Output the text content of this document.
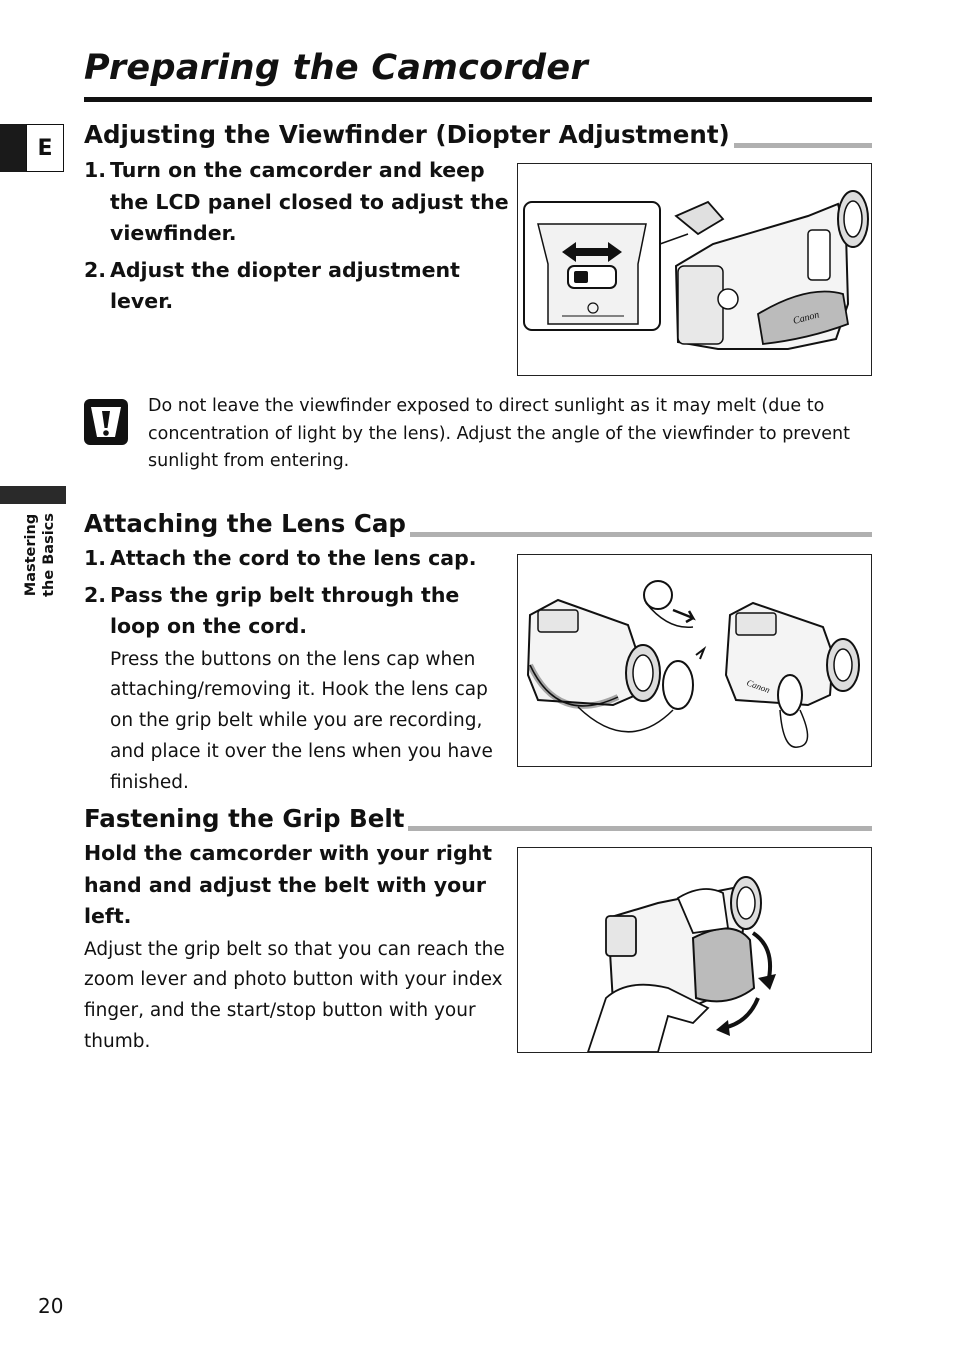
Preparing the Camcorder
E
Mastering the Basics
Adjusting the Viewfinder (Diopter Adjustment)
1. Turn on the camcorder and keep the LCD panel closed to adjust the viewfinder.
2. Adjust the diopter adjustment lever.
Canon

Do not leave the viewfinder exposed to direct sunlight as it may melt (due to concentration of light by the lens). Adjust the angle of the viewfinder to prevent sunlight from entering.

Attaching the Lens Cap
1. Attach the cord to the lens cap.
2. Pass the grip belt through the loop on the cord.

Press the buttons on the lens cap when attaching/removing it. Hook the lens cap on the grip belt while you are recording, and place it over the lens when you have finished.

Canon
Fastening the Grip Belt

Hold the camcorder with your right hand and adjust the belt with your left.

Adjust the grip belt so that you can reach the zoom lever and photo button with your index finger, and the start/stop button with your thumb.

20
